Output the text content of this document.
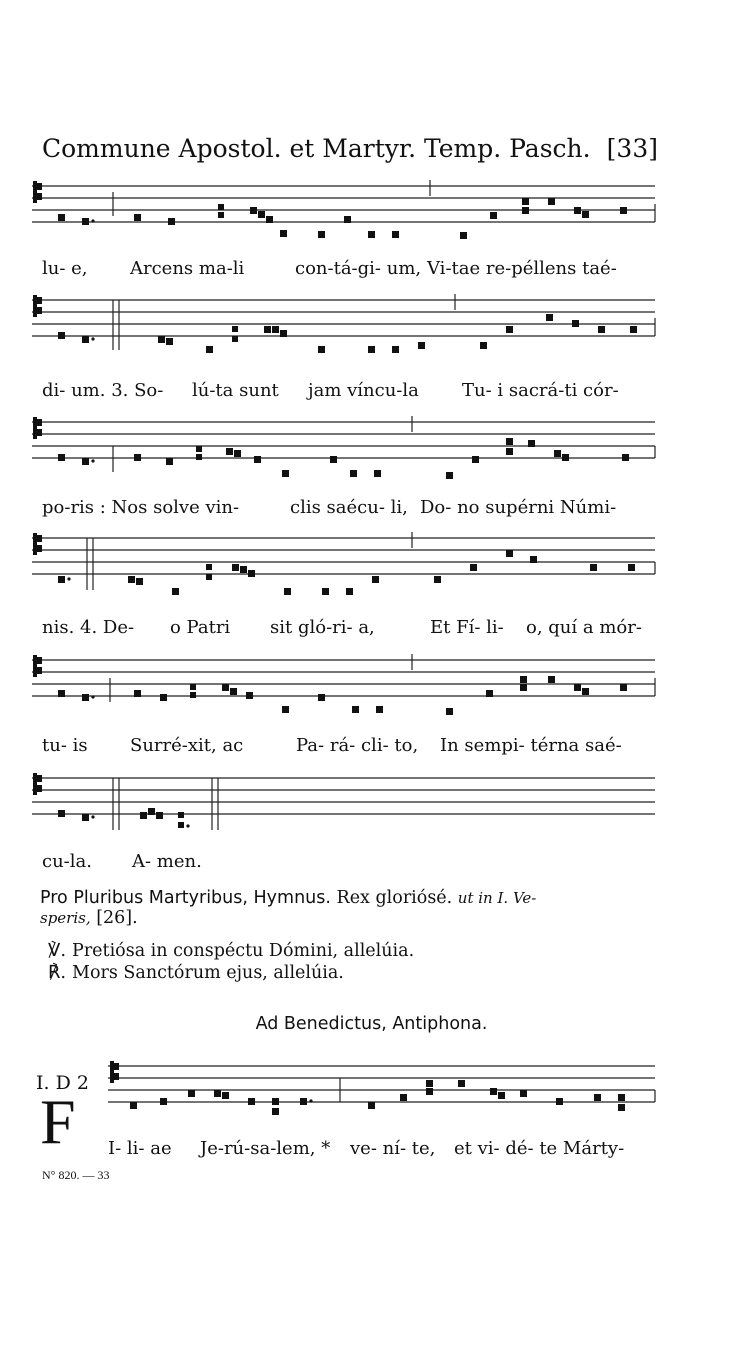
Commune Apostol. et Martyr. Temp. Pasch. [33]
lu- e, Arcens ma-li	con-tá-gi- um, Vi-tae re-péllens taé-
di- um. 3. So- lú-ta sunt jam víncu-la Tu- i sacrá-ti cór-
po-ris : Nos solve vin-	clis saécu- li, Do- no supérni Númi-
nis. 4. De- o Patri sit gló-ri- a,	Et Fí- li- o, quí a mór-
tu- is Surré-xit, ac	Pa- rá- cli- to, In sempi- térna saé-
cu-la. A- men.
Pro Pluribus Martyribus, Hymnus. Rex gloriósé. ut in I. Ve-
speris, [26].
℣. Pretiósa in conspéctu Dómini, allelúia.
℟. Mors Sanctórum ejus, allelúia.
Ad Benedictus, Antiphona.
I. D 2
F I- li- ae Je-rú-sa-lem, * ve- ní- te, et vi- dé- te Márty-
N° 820. — 33
